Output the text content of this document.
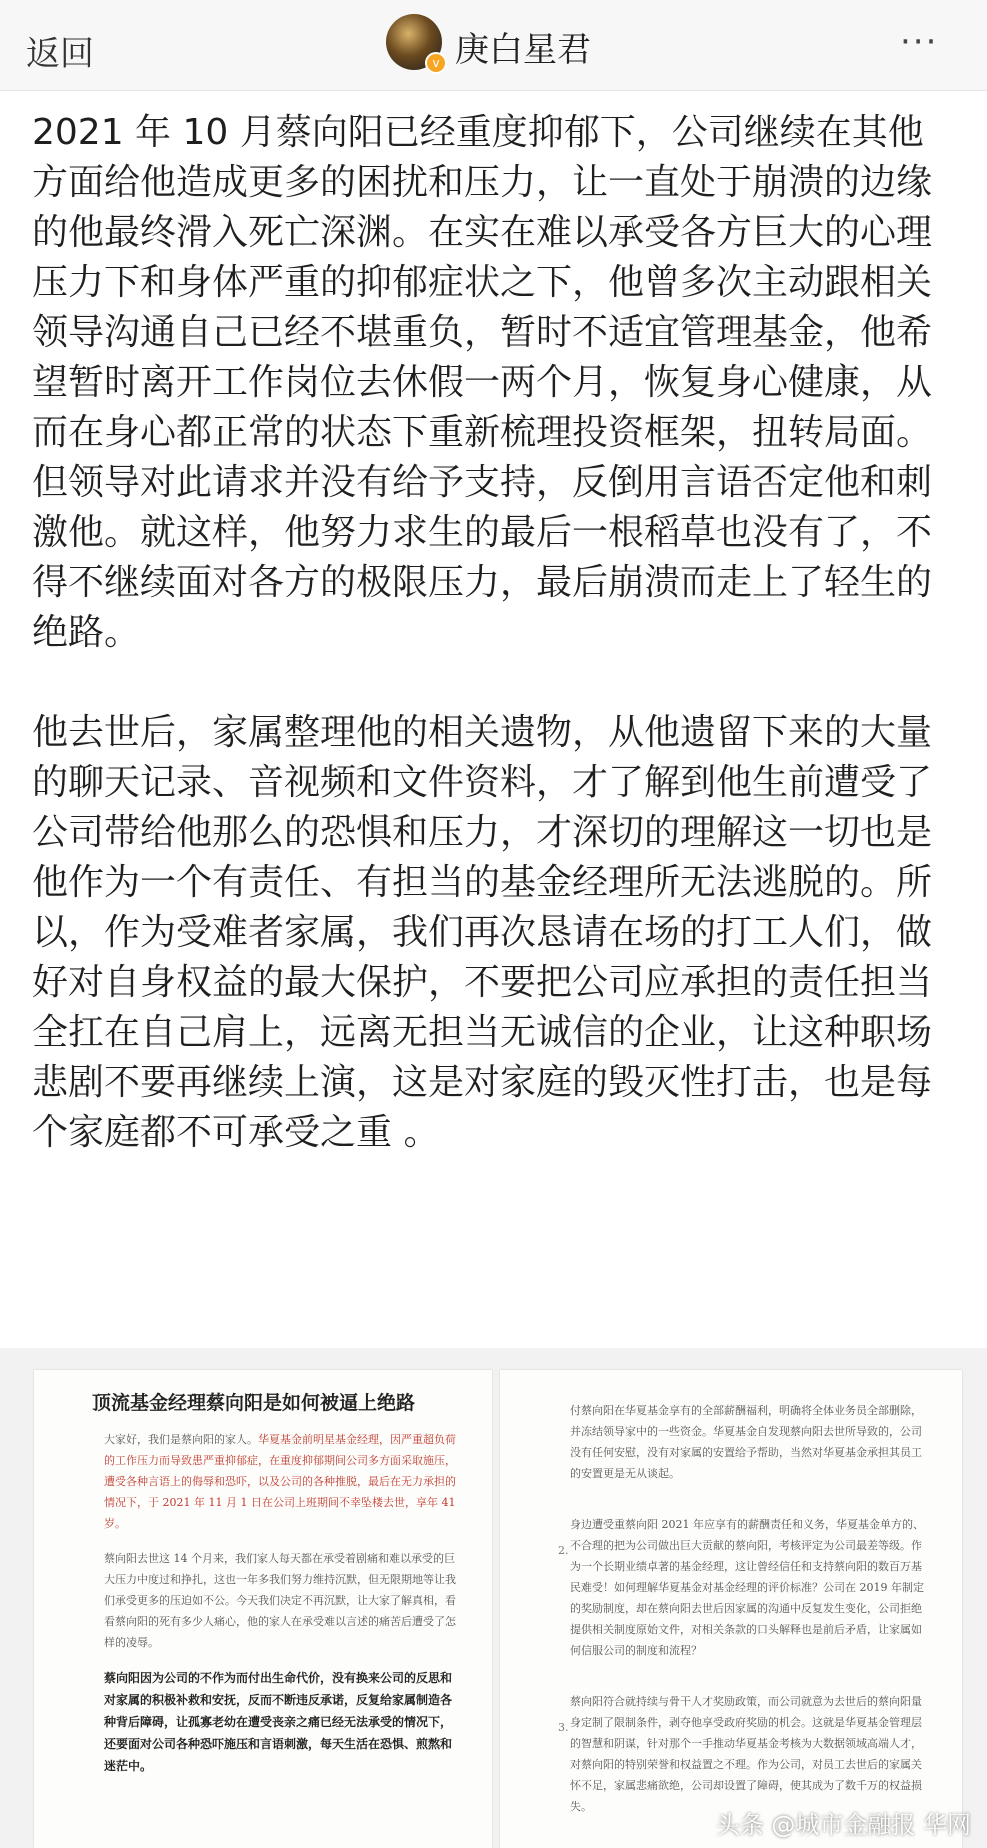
返回	v 庚白星君	···

2021 年 10 月蔡向阳已经重度抑郁下，公司继续在其他方面给他造成更多的困扰和压力，让一直处于崩溃的边缘的他最终滑入死亡深渊。在实在难以承受各方巨大的心理压力下和身体严重的抑郁症状之下，他曾多次主动跟相关领导沟通自己已经不堪重负，暂时不适宜管理基金，他希望暂时离开工作岗位去休假一两个月，恢复身心健康，从而在身心都正常的状态下重新梳理投资框架，扭转局面。但领导对此请求并没有给予支持，反倒用言语否定他和刺激他。就这样，他努力求生的最后一根稻草也没有了，不得不继续面对各方的极限压力，最后崩溃而走上了轻生的绝路。

他去世后，家属整理他的相关遗物，从他遗留下来的大量的聊天记录、音视频和文件资料，才了解到他生前遭受了公司带给他那么的恐惧和压力，才深切的理解这一切也是他作为一个有责任、有担当的基金经理所无法逃脱的。所以，作为受难者家属，我们再次恳请在场的打工人们，做好对自身权益的最大保护，不要把公司应承担的责任担当全扛在自己肩上，远离无担当无诚信的企业，让这种职场悲剧不要再继续上演，这是对家庭的毁灭性打击，也是每个家庭都不可承受之重 。

顶流基金经理蔡向阳是如何被逼上绝路

大家好，我们是蔡向阳的家人。华夏基金前明星基金经理，因严重超负荷的工作压力而导致患严重抑郁症，在重度抑郁期间公司多方面采取施压，遭受各种言语上的侮辱和恐吓，以及公司的各种推脱，最后在无力承担的情况下，于 2021 年 11 月 1 日在公司上班期间不幸坠楼去世，享年 41 岁。

蔡向阳去世这 14 个月来，我们家人每天都在承受着剧痛和难以承受的巨大压力中度过和挣扎，这也一年多我们努力维持沉默，但无限期地等让我们承受更多的压迫如不公。今天我们决定不再沉默，让大家了解真相，看看蔡向阳的死有多少人痛心，他的家人在承受难以言述的痛苦后遭受了怎样的凌辱。

蔡向阳因为公司的不作为而付出生命代价，没有换来公司的反思和对家属的积极补救和安抚，反而不断违反承诺，反复给家属制造各种背后障碍，让孤寡老幼在遭受丧亲之痛已经无法承受的情况下，还要面对公司各种恐吓施压和言语刺激，每天生活在恐惧、煎熬和迷茫中。

付蔡向阳在华夏基金享有的全部薪酬福利，明确将全体业务员全部删除，并冻结领导家中的一些资金。华夏基金自发现蔡向阳去世所导致的，公司没有任何安慰，没有对家属的安置给予帮助，当然对华夏基金承担其员工的安置更是无从谈起。

2.

身边遭受重蔡向阳 2021 年应享有的薪酬责任和义务，华夏基金单方的、不合理的把为公司做出巨大贡献的蔡向阳，考核评定为公司最差等级。作为一个长期业绩卓著的基金经理，这让曾经信任和支持蔡向阳的数百万基民难受！如何理解华夏基金对基金经理的评价标准？公司在 2019 年制定的奖励制度，却在蔡向阳去世后因家属的沟通中反复发生变化，公司拒绝提供相关制度原始文件，对相关条款的口头解释也是前后矛盾，让家属如何信服公司的制度和流程？

3.

蔡向阳符合就持续与骨干人才奖励政策，而公司就意为去世后的蔡向阳量身定制了限制条件，剥夺他享受政府奖励的机会。这就是华夏基金管理层的智慧和阴谋，针对那个一手推动华夏基金考核为大数据领域高端人才，对蔡向阳的特别荣誉和权益置之不理。作为公司，对员工去世后的家属关怀不足，家属悲痛欲绝，公司却设置了障碍，使其成为了数千万的权益损失。

头条 @城市金融报 华网
